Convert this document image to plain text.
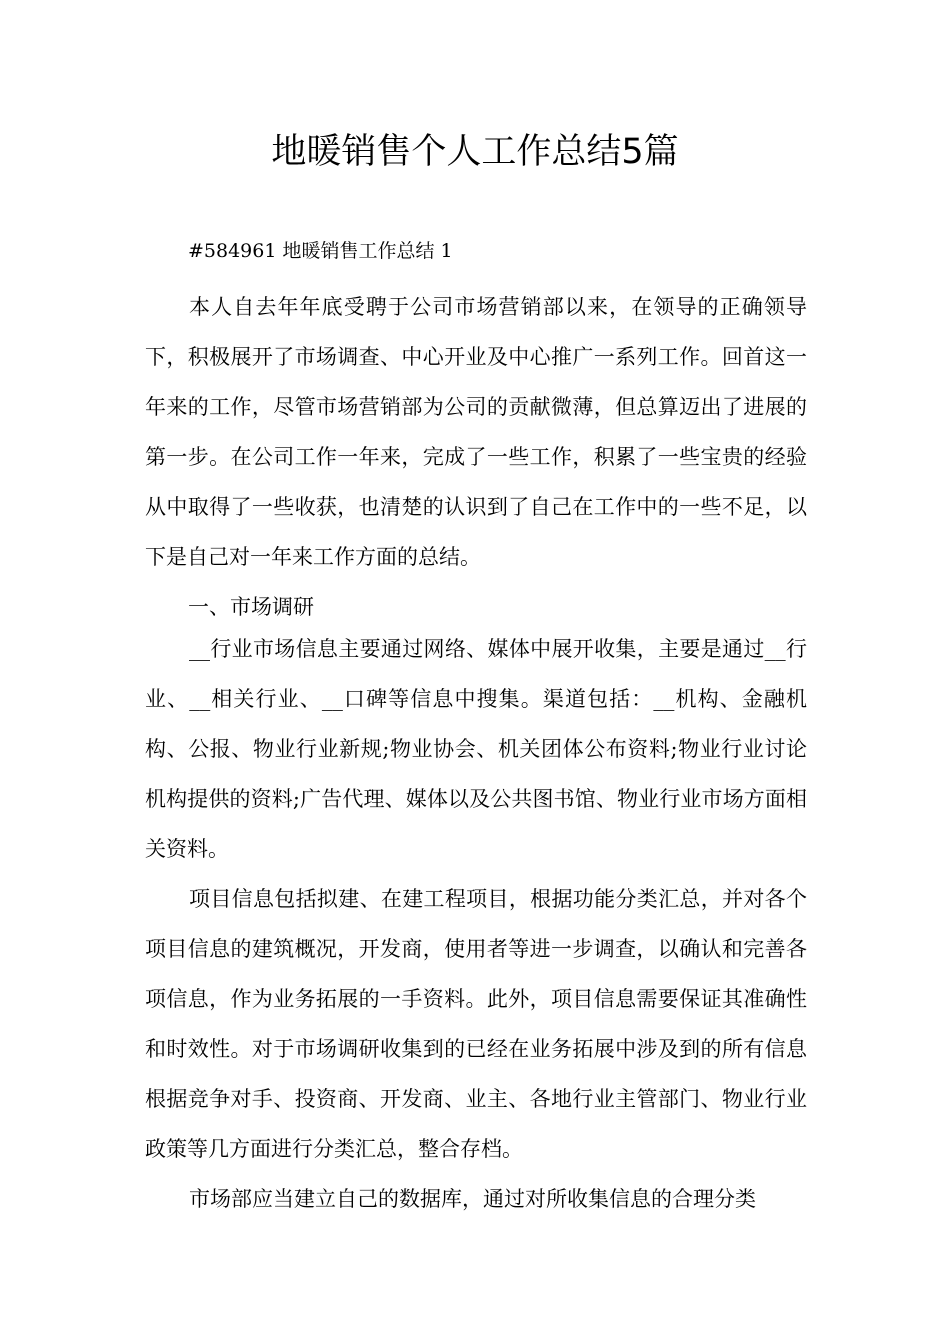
地暖销售个人工作总结5篇

#584961 地暖销售工作总结 1

本人自去年年底受聘于公司市场营销部以来，在领导的正确领导下，积极展开了市场调查、中心开业及中心推广一系列工作。回首这一年来的工作，尽管市场营销部为公司的贡献微薄，但总算迈出了进展的第一步。在公司工作一年来，完成了一些工作，积累了一些宝贵的经验从中取得了一些收获，也清楚的认识到了自己在工作中的一些不足，以下是自己对一年来工作方面的总结。

一、市场调研

__行业市场信息主要通过网络、媒体中展开收集，主要是通过__行业、__相关行业、__口碑等信息中搜集。渠道包括：__机构、金融机构、公报、物业行业新规;物业协会、机关团体公布资料;物业行业讨论机构提供的资料;广告代理、媒体以及公共图书馆、物业行业市场方面相关资料。

项目信息包括拟建、在建工程项目，根据功能分类汇总，并对各个项目信息的建筑概况，开发商，使用者等进一步调查，以确认和完善各项信息，作为业务拓展的一手资料。此外，项目信息需要保证其准确性和时效性。对于市场调研收集到的已经在业务拓展中涉及到的所有信息根据竞争对手、投资商、开发商、业主、各地行业主管部门、物业行业政策等几方面进行分类汇总，整合存档。

市场部应当建立自己的数据库，通过对所收集信息的合理分类
